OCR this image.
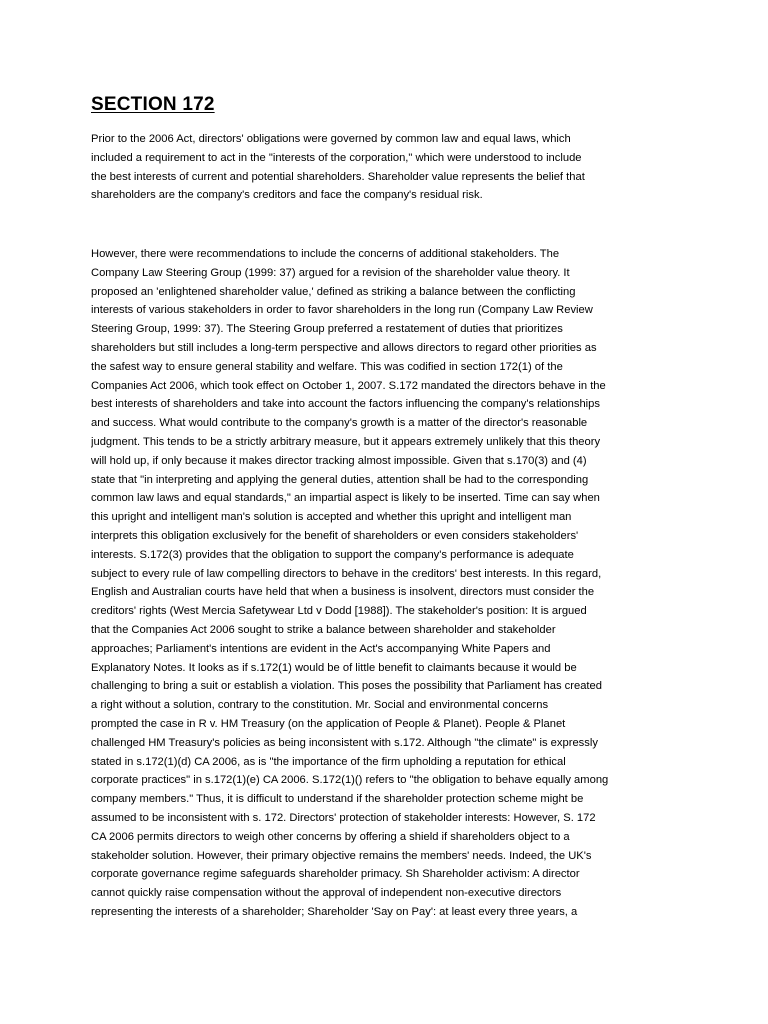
SECTION 172
Prior to the 2006 Act, directors' obligations were governed by common law and equal laws, which
included a requirement to act in the "interests of the corporation," which were understood to include
the best interests of current and potential shareholders. Shareholder value represents the belief that
shareholders are the company's creditors and face the company's residual risk.
However, there were recommendations to include the concerns of additional stakeholders. The
Company Law Steering Group (1999: 37) argued for a revision of the shareholder value theory. It
proposed an 'enlightened shareholder value,' defined as striking a balance between the conflicting
interests of various stakeholders in order to favor shareholders in the long run (Company Law Review
Steering Group, 1999: 37). The Steering Group preferred a restatement of duties that prioritizes
shareholders but still includes a long-term perspective and allows directors to regard other priorities as
the safest way to ensure general stability and welfare. This was codified in section 172(1) of the
Companies Act 2006, which took effect on October 1, 2007. S.172 mandated the directors behave in the
best interests of shareholders and take into account the factors influencing the company's relationships
and success. What would contribute to the company's growth is a matter of the director's reasonable
judgment. This tends to be a strictly arbitrary measure, but it appears extremely unlikely that this theory
will hold up, if only because it makes director tracking almost impossible. Given that s.170(3) and (4)
state that "in interpreting and applying the general duties, attention shall be had to the corresponding
common law laws and equal standards," an impartial aspect is likely to be inserted. Time can say when
this upright and intelligent man's solution is accepted and whether this upright and intelligent man
interprets this obligation exclusively for the benefit of shareholders or even considers stakeholders'
interests. S.172(3) provides that the obligation to support the company's performance is adequate
subject to every rule of law compelling directors to behave in the creditors' best interests. In this regard,
English and Australian courts have held that when a business is insolvent, directors must consider the
creditors' rights (West Mercia Safetywear Ltd v Dodd [1988]). The stakeholder's position: It is argued
that the Companies Act 2006 sought to strike a balance between shareholder and stakeholder
approaches; Parliament's intentions are evident in the Act's accompanying White Papers and
Explanatory Notes. It looks as if s.172(1) would be of little benefit to claimants because it would be
challenging to bring a suit or establish a violation. This poses the possibility that Parliament has created
a right without a solution, contrary to the constitution. Mr. Social and environmental concerns
prompted the case in R v. HM Treasury (on the application of People & Planet). People & Planet
challenged HM Treasury's policies as being inconsistent with s.172. Although "the climate" is expressly
stated in s.172(1)(d) CA 2006, as is "the importance of the firm upholding a reputation for ethical
corporate practices" in s.172(1)(e) CA 2006. S.172(1)() refers to "the obligation to behave equally among
company members." Thus, it is difficult to understand if the shareholder protection scheme might be
assumed to be inconsistent with s. 172. Directors' protection of stakeholder interests: However, S. 172
CA 2006 permits directors to weigh other concerns by offering a shield if shareholders object to a
stakeholder solution. However, their primary objective remains the members' needs. Indeed, the UK's
corporate governance regime safeguards shareholder primacy. Sh Shareholder activism: A director
cannot quickly raise compensation without the approval of independent non-executive directors
representing the interests of a shareholder; Shareholder 'Say on Pay': at least every three years, a
